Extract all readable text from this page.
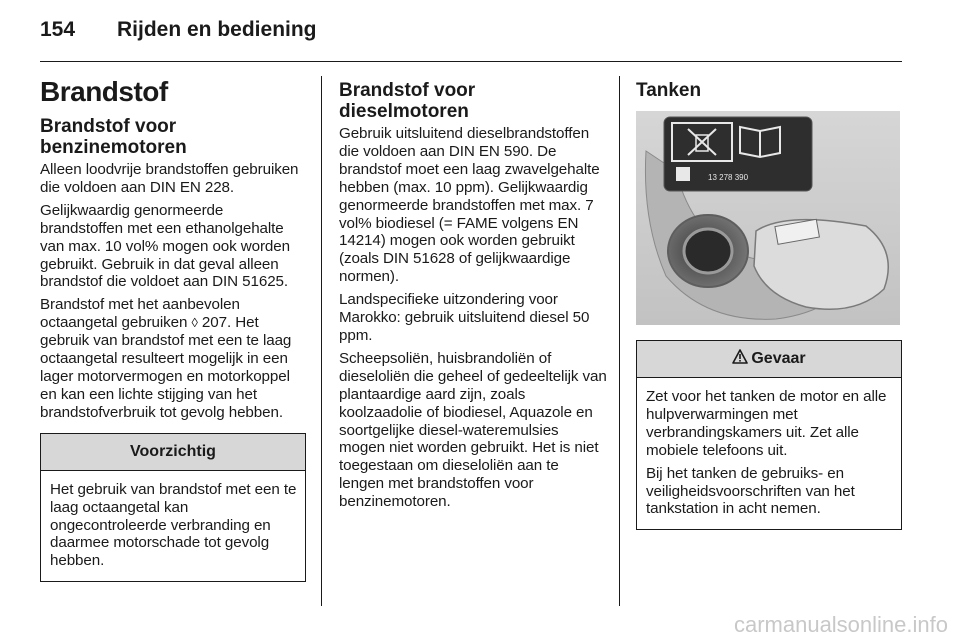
154 Rijden en bediening
Brandstof
Brandstof voor benzinemotoren

Alleen loodvrije brandstoffen gebruiken die voldoen aan DIN EN 228.

Gelijkwaardig genormeerde brandstoffen met een ethanolgehalte van max. 10 vol% mogen ook worden gebruikt. Gebruik in dat geval alleen brandstof die voldoet aan DIN 51625.

Brandstof met het aanbevolen octaangetal gebruiken ◊ 207. Het gebruik van brandstof met een te laag octaangetal resulteert mogelijk in een lager motorvermogen en motorkoppel en kan een lichte stijging van het brandstofverbruik tot gevolg hebben.

Voorzichtig

Het gebruik van brandstof met een te laag octaangetal kan ongecontroleerde verbranding en daarmee motorschade tot gevolg hebben.

Brandstof voor dieselmotoren

Gebruik uitsluitend dieselbrandstoffen die voldoen aan DIN EN 590. De brandstof moet een laag zwavelgehalte hebben (max. 10 ppm). Gelijkwaardig genormeerde brandstoffen met max. 7 vol% biodiesel (= FAME volgens EN 14214) mogen ook worden gebruikt (zoals DIN 51628 of gelijkwaardige normen).

Landspecifieke uitzondering voor Marokko: gebruik uitsluitend diesel 50 ppm.

Scheepsoliën, huisbrandoliën of dieseloliën die geheel of gedeeltelijk van plantaardige aard zijn, zoals koolzaadolie of biodiesel, Aquazole en soortgelijke diesel-wateremulsies mogen niet worden gebruikt. Het is niet toegestaan om dieseloliën aan te lengen met brandstoffen voor benzinemotoren.

Tanken
13 278 390
Gevaar

Zet voor het tanken de motor en alle hulpverwarmingen met verbrandingskamers uit. Zet alle mobiele telefoons uit.

Bij het tanken de gebruiks- en veiligheidsvoorschriften van het tankstation in acht nemen.

carmanualsonline.info
